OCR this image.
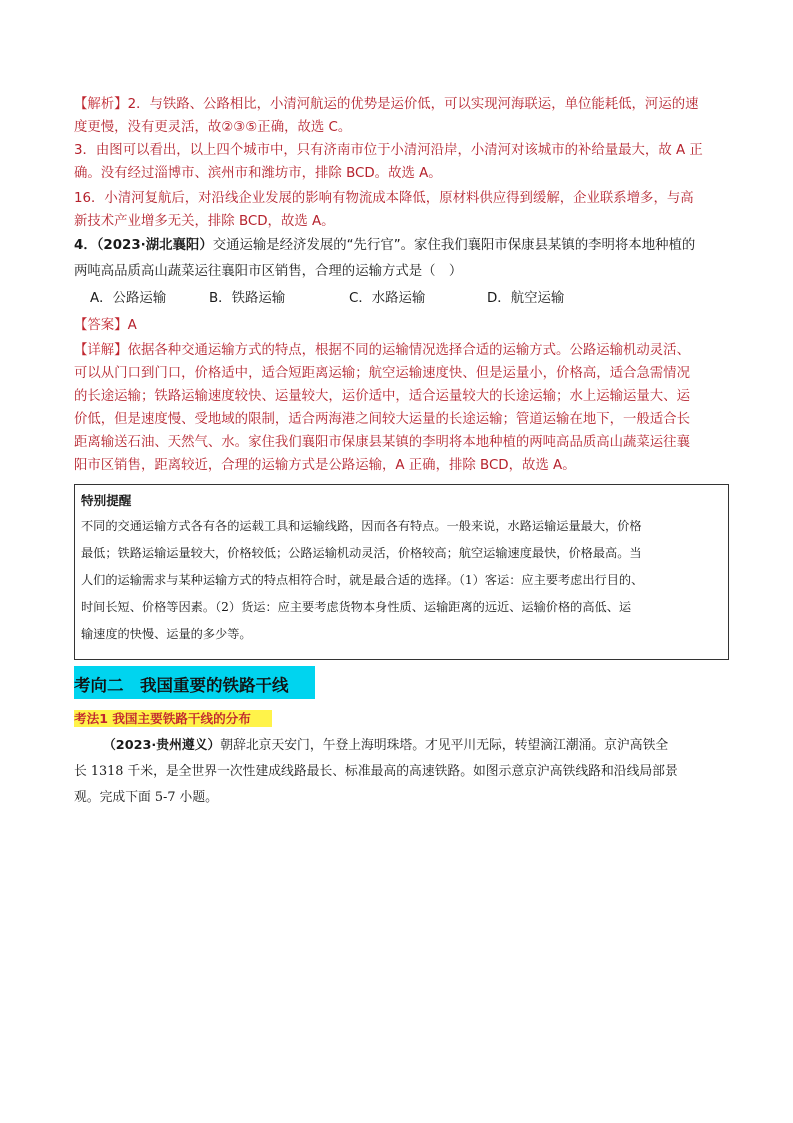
【解析】2．与铁路、公路相比，小清河航运的优势是运价低，可以实现河海联运，单位能耗低，河运的速
度更慢，没有更灵活，故②③⑤正确，故选 C。
3．由图可以看出，以上四个城市中，只有济南市位于小清河沿岸，小清河对该城市的补给量最大，故 A 正
确。没有经过淄博市、滨州市和潍坊市，排除 BCD。故选 A。
16．小清河复航后，对沿线企业发展的影响有物流成本降低，原材料供应得到缓解，企业联系增多，与高
新技术产业增多无关，排除 BCD，故选 A。
4．（2023·湖北襄阳）交通运输是经济发展的“先行官”。家住我们襄阳市保康县某镇的李明将本地种植的
两吨高品质高山蔬菜运往襄阳市区销售，合理的运输方式是（　）
A．公路运输	B．铁路运输	C．水路运输	D．航空运输
【答案】A
【详解】依据各种交通运输方式的特点，根据不同的运输情况选择合适的运输方式。公路运输机动灵活、
可以从门口到门口，价格适中，适合短距离运输；航空运输速度快、但是运量小，价格高，适合急需情况
的长途运输；铁路运输速度较快、运量较大，运价适中，适合运量较大的长途运输；水上运输运量大、运
价低，但是速度慢、受地域的限制，适合两海港之间较大运量的长途运输；管道运输在地下，一般适合长
距离输送石油、天然气、水。家住我们襄阳市保康县某镇的李明将本地种植的两吨高品质高山蔬菜运往襄
阳市区销售，距离较近，合理的运输方式是公路运输，A 正确，排除 BCD，故选 A。
特别提醒
不同的交通运输方式各有各的运载工具和运输线路，因而各有特点。一般来说，水路运输运量最大，价格
最低；铁路运输运量较大，价格较低；公路运输机动灵活，价格较高；航空运输速度最快，价格最高。当
人们的运输需求与某种运输方式的特点相符合时，就是最合适的选择。（1）客运：应主要考虑出行目的、
时间长短、价格等因素。（2）货运：应主要考虑货物本身性质、运输距离的远近、运输价格的高低、运
输速度的快慢、运量的多少等。
考向二　我国重要的铁路干线
考法1 我国主要铁路干线的分布
（2023·贵州遵义）朝辞北京天安门，午登上海明珠塔。才见平川无际，转望滴江潮涌。京沪高铁全
长 1318 千米，是全世界一次性建成线路最长、标准最高的高速铁路。如图示意京沪高铁线路和沿线局部景
观。完成下面 5-7 小题。
